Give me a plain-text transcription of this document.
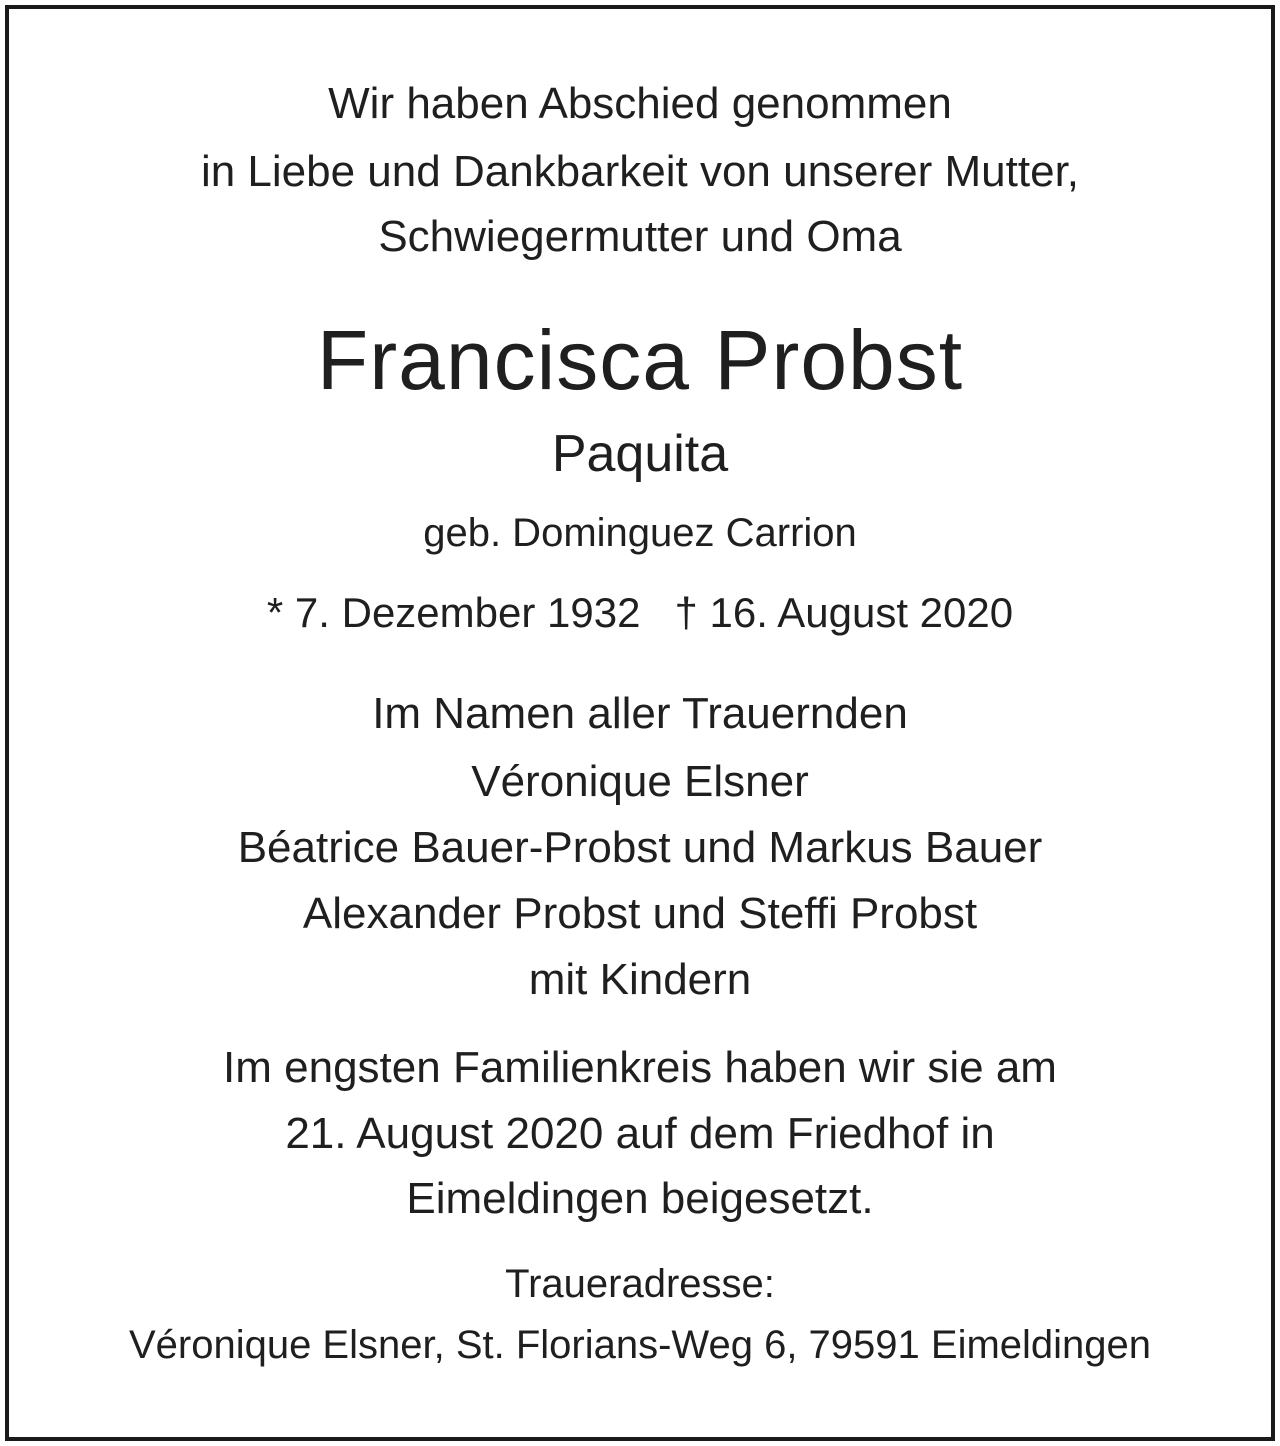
Wir haben Abschied genommen
in Liebe und Dankbarkeit von unserer Mutter,
Schwiegermutter und Oma
Francisca Probst
Paquita
geb. Dominguez Carrion
* 7. Dezember 1932 † 16. August 2020
Im Namen aller Trauernden
Véronique Elsner
Béatrice Bauer-Probst und Markus Bauer
Alexander Probst und Steffi Probst
mit Kindern
Im engsten Familienkreis haben wir sie am
21. August 2020 auf dem Friedhof in
Eimeldingen beigesetzt.
Traueradresse:
Véronique Elsner, St. Florians-Weg 6, 79591 Eimeldingen
